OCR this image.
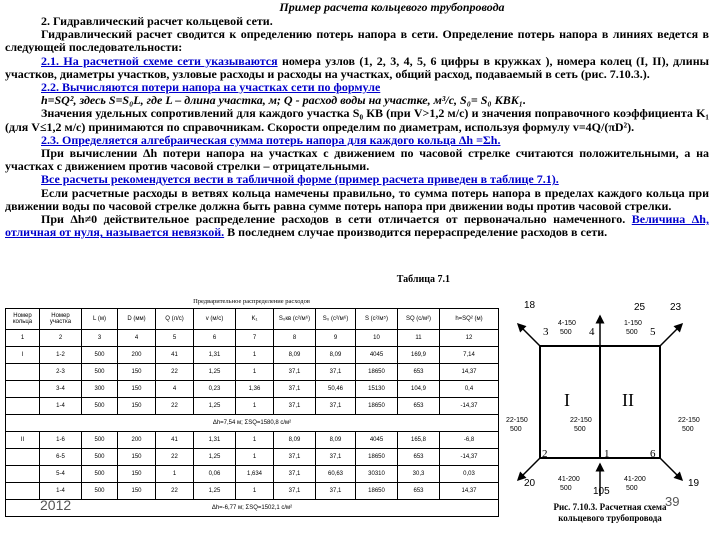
Пример расчета кольцевого трубопровода

2. Гидравлический расчет кольцевой сети.

Гидравлический расчет сводится к определению потерь напора в сети. Определение потерь напора в линиях ведется в следующей последовательности:

2.1. На расчетной схеме сети указываются номера узлов (1, 2, 3, 4, 5, 6 цифры в кружках ), номера колец (I, II), длины участков, диаметры участков, узловые расходы и расходы на участках, общий расход, подаваемый в сеть (рис. 7.10.3.).

2.2. Вычисляются потери напора на участках сети по формуле

h=SQ², здесь S=S₀L, где L – длина участка, м; Q - расход воды на участке, м³/с, S₀= S₀ КВK₁.

Значения удельных сопротивлений для каждого участка S₀ КВ (при V>1,2 м/с) и значения поправочного коэффициента K₁ (для V≤1,2 м/с) принимаются по справочникам. Скорости определим по диаметрам, используя формулу v=4Q/(πD²).

2.3. Определяется алгебраическая сумма потерь напора для каждого кольца Δh =Σh.

При вычислении Δh потери напора на участках с движением по часовой стрелке считаются положительными, а на участках с движением против часовой стрелки – отрицательными.

Все расчеты рекомендуется вести в табличной форме (пример расчета приведен в таблице 7.1).

Если расчетные расходы в ветвях кольца намечены правильно, то сумма потерь напора в пределах каждого кольца при движении воды по часовой стрелке должна быть равна сумме потерь напора при движении воды против часовой стрелки.

При Δh≠0 действительное распределение расходов в сети отличается от первоначально намеченного. Величина Δh, отличная от нуля, называется невязкой. В последнем случае производится перераспределение расходов в сети.

Таблица 7.1
Предварительное распределение расходов
Номер кольца	Номер участка	L (м)	D (мм)	Q (л/с)	v (м/с)	K₁	S₀кв (с²/м⁶)	S₀ (с²/м⁶)	S (с²/м⁵)	SQ (с/м²)	h=SQ² (м)
1	2	3	4	5	6	7	8	9	10	11	12
I	1-2	500	200	41	1,31	1	8,09	8,09	4045	169,9	7,14
	2-3	500	150	22	1,25	1	37,1	37,1	18650	653	14,37
	3-4	300	150	4	0,23	1,36	37,1	50,46	15130	104,9	0,4
	1-4	500	150	22	1,25	1	37,1	37,1	18650	653	-14,37
Δh=7,54 м; ΣSQ=1580,8 с/м²											
II	1-6	500	200	41	1,31	1	8,09	8,09	4045	165,8	-6,8
	6-5	500	150	22	1,25	1	37,1	37,1	18650	653	-14,37
	5-4	500	150	1	0,06	1,634	37,1	60,63	30310	30,3	0,03
	1-4	500	150	22	1,25	1	37,1	37,1	18650	653	14,37
Δh=-6,77 м; ΣSQ=1502,1 с/м²											
2012
18	25 23
3	4	5
4-150
500
1-150
500
I	II
22-150
500
22-150
500
22-150
500
2	1	6
41-200
500
41-200
500
20
105
19
39
Рис. 7.10.3. Расчетная схема
кольцевого трубопровода
